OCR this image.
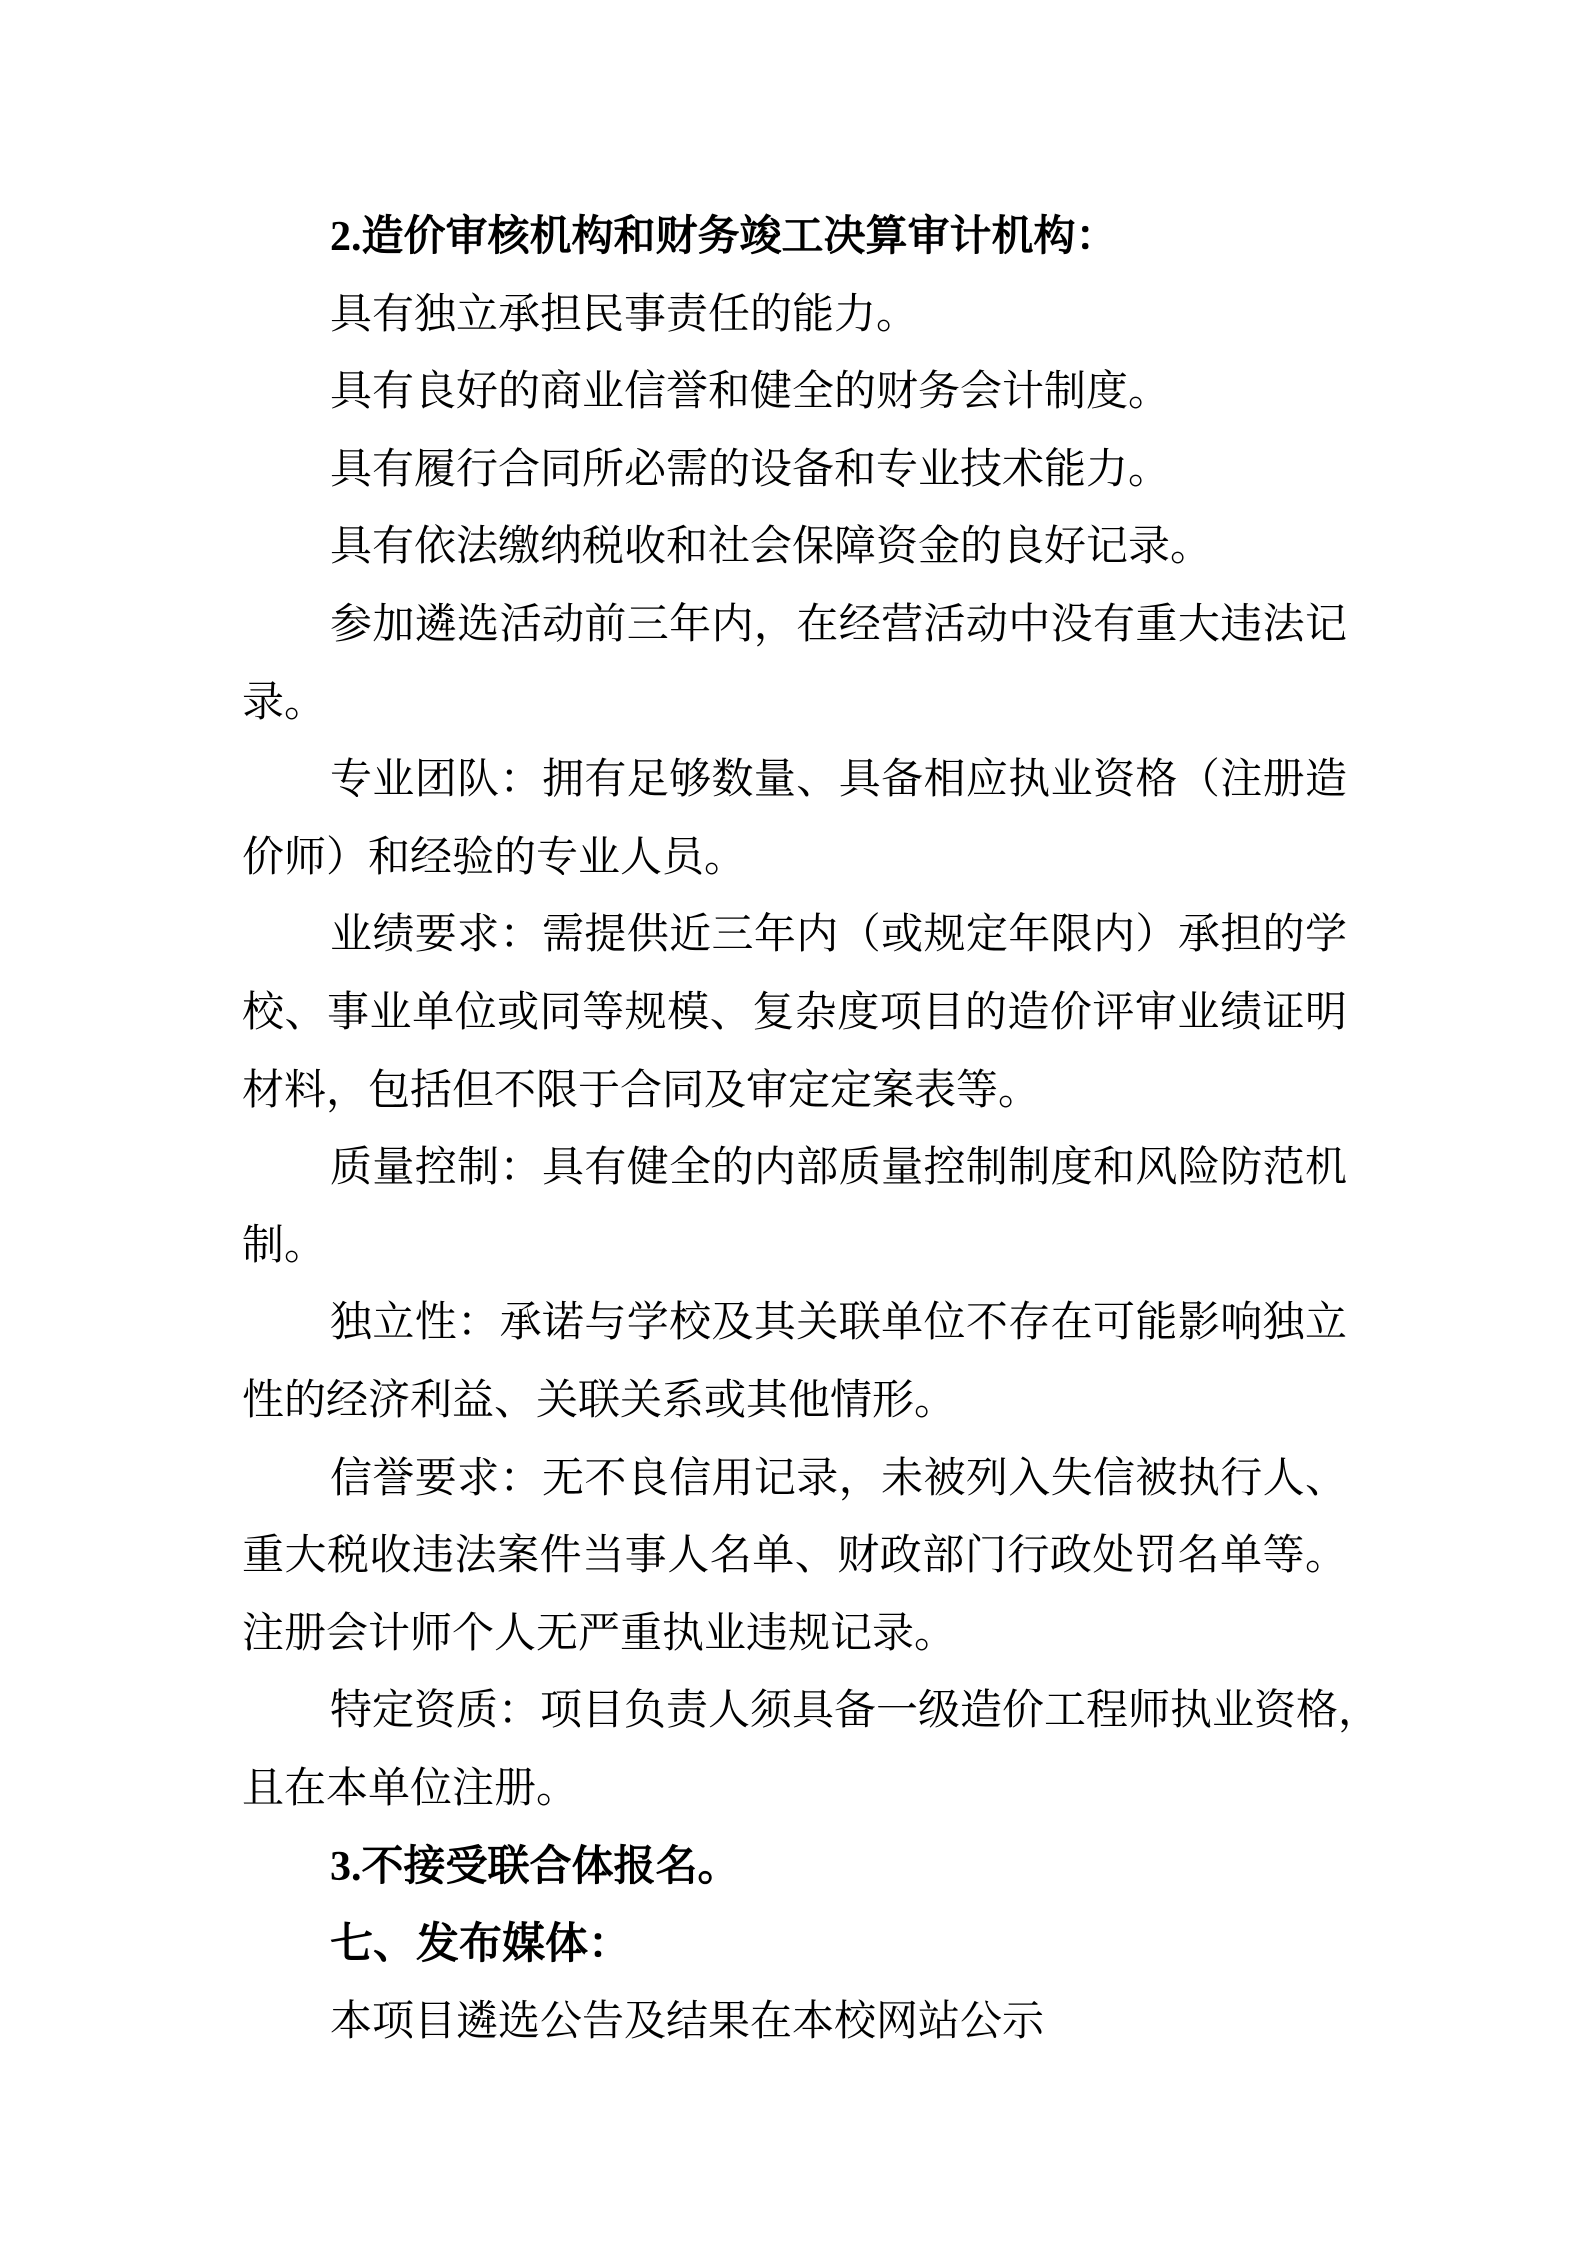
2.造价审核机构和财务竣工决算审计机构：
具有独立承担民事责任的能力。
具有良好的商业信誉和健全的财务会计制度。
具有履行合同所必需的设备和专业技术能力。
具有依法缴纳税收和社会保障资金的良好记录。
参加遴选活动前三年内，在经营活动中没有重大违法记
录。
专业团队：拥有足够数量、具备相应执业资格（注册造
价师）和经验的专业人员。
业绩要求：需提供近三年内（或规定年限内）承担的学
校、事业单位或同等规模、复杂度项目的造价评审业绩证明
材料，包括但不限于合同及审定定案表等。
质量控制：具有健全的内部质量控制制度和风险防范机
制。
独立性：承诺与学校及其关联单位不存在可能影响独立
性的经济利益、关联关系或其他情形。
信誉要求：无不良信用记录，未被列入失信被执行人、
重大税收违法案件当事人名单、财政部门行政处罚名单等。
注册会计师个人无严重执业违规记录。
特定资质：项目负责人须具备一级造价工程师执业资格，
且在本单位注册。
3.不接受联合体报名。
七、发布媒体：
本项目遴选公告及结果在本校网站公示
